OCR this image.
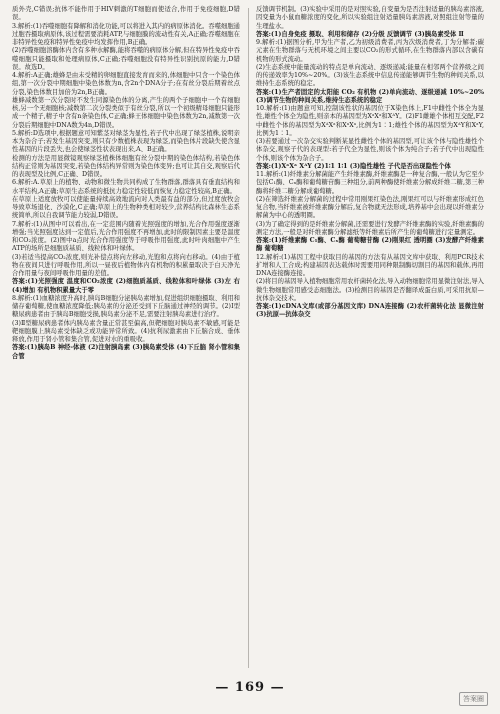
质外壳,C错误;抗体不能作用于HIV刺激的T细胞而使适合,作用于免疫细胞,D错误。

3.解析:(1)吞噬细胞有降解和消化功能,可以将进入其内的病原体消化。吞噬细胞通过胞吞摄取病原体,该过程需要消耗ATP,与细胞膜的流动性有关,A正确;吞噬细胞在非特异性免疫和特异性免疫中均发挥作用,B正确。

(2)吞噬细胞溶酶体内含有多种水解酶,能将吞噬的病原体分解,但在特异性免疫中吞噬细胞只能摄取和处理病原体,C正确;吞噬细胞没有特异性识别抗原的能力,D错误。故选D。

4.解析:A正确;雄蜂是由未受精的卵细胞直接发育而来的,体细胞中只含一个染色体组,第一次分裂中期细胞中染色体数为n,含2n个DNA分子;在有丝分裂后期着丝点分裂,染色体数目加倍为2n,B正确。

雄蜂减数第一次分裂时不发生同源染色体的分离,产生的两个子细胞中一个有细胞核,另一个无细胞核;减数第二次分裂类似于有丝分裂,所以一个初级精母细胞只能形成一个精子,精子中含有n条染色体,C正确;蜂王体细胞中染色体数为2n,减数第一次分裂后期细胞中DNA数为4n,D错误。

5.解析:D选项中,根据题意可知紫茎对绿茎为显性,若子代中出现了绿茎植株,说明亲本为杂合子;若发生基因突变,则只有少数植株表现为绿茎,而染色体片段缺失使含显性基因的片段丢失,也会使绿茎性状表现出来,A、B正确。

检测的方法是用显微镜观察绿茎植株体细胞有丝分裂中期的染色体结构,若染色体结构正常则为基因突变,若染色体结构异常则为染色体变异;也可让其自交,观察后代的表现型及比例,C正确、D错误。

6.解析:A.草原上的植物、动物和微生物共同构成了生物群落,群落具有垂直结构和水平结构,A正确;草原生态系统的抵抗力稳定性较低而恢复力稳定性较高,B正确。

在草原上适度放牧可以使能量持续高效地流向对人类最有益的部分,但过度放牧会导致草场退化、沙漠化,C正确;草原上的生物种类相对较少,营养结构比森林生态系统简单,所以自我调节能力较弱,D错误。

7.解析:(1)从图中可以看出,在一定范围内随着光照强度的增加,光合作用强度逐渐增强;当光照强度达到一定值后,光合作用强度不再增加,此时的限制因素主要是温度和CO₂浓度。(2)图中a点时光合作用强度等于呼吸作用强度,此时叶肉细胞中产生ATP的场所是细胞质基质、线粒体和叶绿体。

(3)若适当提高CO₂浓度,则光补偿点将向左移动,光饱和点将向右移动。(4)由于植物在夜间只进行呼吸作用,所以一昼夜后植物体内有机物的积累量取决于白天净光合作用量与夜间呼吸作用量的差值。

答案:(1)光照强度 温度和CO₂浓度 (2)细胞质基质、线粒体和叶绿体 (3)左 右 (4)增加 有机物积累量大于零

8.解析:(1)血糖浓度升高时,胰岛B细胞分泌胰岛素增加,促进组织细胞摄取、利用和储存葡萄糖,使血糖浓度降低;胰岛素的分泌还受到下丘脑通过神经的调节。(2)Ⅰ型糖尿病患者由于胰岛B细胞受损,胰岛素分泌不足,需要注射胰岛素进行治疗。

(3)Ⅱ型糖尿病患者体内胰岛素含量正常甚至偏高,但靶细胞对胰岛素不敏感,可能是靶细胞膜上胰岛素受体缺乏或功能异常所致。(4)抗利尿激素由下丘脑合成、垂体释放,作用于肾小管和集合管,促进对水的重吸收。

答案:(1)胰岛B 神经-体液 (2)注射胰岛素 (3)胰岛素受体 (4)下丘脑 肾小管和集合管

反馈调节机制。(3)实验中采用的是对照实验,自变量为是否注射适量的胰岛素溶液,因变量为小鼠血糖浓度的变化,所以实验组注射适量胰岛素溶液,对照组注射等量的生理盐水。

答案:(1)自身免疫 摄取、利用和储存 (2)分级 反馈调节 (3)胰岛素受体 Ⅱ

9.解析:(1)据图分析,甲为生产者,乙为初级消费者,丙为次级消费者,丁为分解者;碳元素在生物群落与无机环境之间主要以CO₂的形式循环,在生物群落内部以含碳有机物的形式流动。

(2)生态系统中能量流动的特点是单向流动、逐级递减;能量在相邻两个营养级之间的传递效率为10%~20%。(3)该生态系统中信息传递能够调节生物的种间关系,以维持生态系统的稳定。

答案:(1)生产者固定的太阳能 CO₂ 有机物 (2)单向流动、逐级递减 10%~20% (3)调节生物的种间关系,维持生态系统的稳定

10.解析:(1)由题意可知,控制该性状的基因位于X染色体上,F1中雌性个体全为显性,雄性个体全为隐性,则亲本的基因型为XᵃXᵃ和XᴬY。(2)F1雌雄个体相互交配,F2中雌性个体的基因型为XᴬXᵃ和XᵃXᵃ,比例为1∶1;雄性个体的基因型为XᴬY和XᵃY,比例为1∶1。

(3)若要通过一次杂交实验判断某显性雌性个体的基因型,可让该个体与隐性雄性个体杂交,观察子代的表现型:若子代全为显性,则该个体为纯合子;若子代中出现隐性个体,则该个体为杂合子。

答案:(1)XᵃXᵃ XᴬY (2)1∶1 1∶1 (3)隐性雄性 子代是否出现隐性个体

11.解析:(1)纤维素分解菌能产生纤维素酶,纤维素酶是一种复合酶,一般认为它至少包括C₁酶、Cₓ酶和葡萄糖苷酶三种组分,前两种酶使纤维素分解成纤维二糖,第三种酶将纤维二糖分解成葡萄糖。

(2)在筛选纤维素分解菌的过程中常用刚果红染色法,刚果红可以与纤维素形成红色复合物,当纤维素被纤维素酶分解后,复合物就无法形成,培养基中会出现以纤维素分解菌为中心的透明圈。

(3)为了确定得到的是纤维素分解菌,还需要进行发酵产纤维素酶的实验,纤维素酶的测定方法,一般是对纤维素酶分解滤纸等纤维素后所产生的葡萄糖进行定量测定。

答案:(1)纤维素酶 C₁酶、Cₓ酶 葡萄糖苷酶 (2)刚果红 透明圈 (3)发酵产纤维素酶 葡萄糖

12.解析:(1)基因工程中获取目的基因的方法有从基因文库中获取、利用PCR技术扩增和人工合成;构建基因表达载体时需要用同种限制酶切割目的基因和载体,再用DNA连接酶连接。

(2)将目的基因导入植物细胞常用农杆菌转化法,导入动物细胞常用显微注射法,导入微生物细胞常用感受态细胞法。(3)检测目的基因是否翻译成蛋白质,可采用抗原—抗体杂交技术。

答案:(1)cDNA文库(或部分基因文库) DNA连接酶 (2)农杆菌转化法 显微注射 (3)抗原—抗体杂交

— 169 —
答案圈
